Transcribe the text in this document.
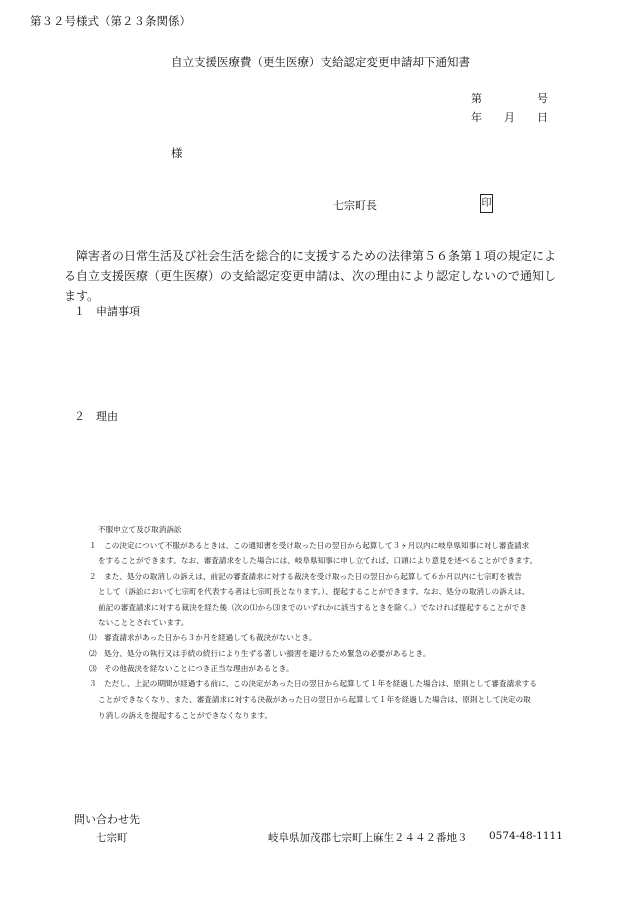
第３２号様式（第２３条関係）
自立支援医療費（更生医療）支給認定変更申請却下通知書
第	号
年 月 日
様
七宗町長	印
障害者の日常生活及び社会生活を総合的に支援するための法律第５６条第１項の規定による自立支援医療（更生医療）の支給認定変更申請は、次の理由により認定しないので通知します。
１　申請事項
２　理由
不服申立て及び取消訴訟
１　この決定について不服があるときは、この通知書を受け取った日の翌日から起算して３ヶ月以内に岐阜県知事に対し審査請求
をすることができます。なお、審査請求をした場合には、岐阜県知事に申し立てれば、口頭により意見を述べることができます。
２　また、処分の取消しの訴えは、前記の審査請求に対する裁決を受け取った日の翌日から起算して６か月以内に七宗町を被告
として（訴訟において七宗町を代表する者は七宗町長となります。）、提起することができます。なお、処分の取消しの訴えは、
前記の審査請求に対する裁決を経た後（次の⑴から⑶までのいずれかに該当するときを除く。）でなければ提起することができ
ないこととされています。
⑴　審査請求があった日から３か月を経過しても裁決がないとき。
⑵　処分、処分の執行又は手続の続行により生ずる著しい損害を避けるため緊急の必要があるとき。
⑶　その他裁決を経ないことにつき正当な理由があるとき。
３　ただし、上記の期間が経過する前に、この決定があった日の翌日から起算して１年を経過した場合は、原則として審査請求する
ことができなくなり、また、審査請求に対する決裁があった日の翌日から起算して１年を経過した場合は、原則として決定の取
り消しの訴えを提起することができなくなります。
問い合わせ先
七宗町	岐阜県加茂郡七宗町上麻生２４４２番地３ 0574-48-1111
